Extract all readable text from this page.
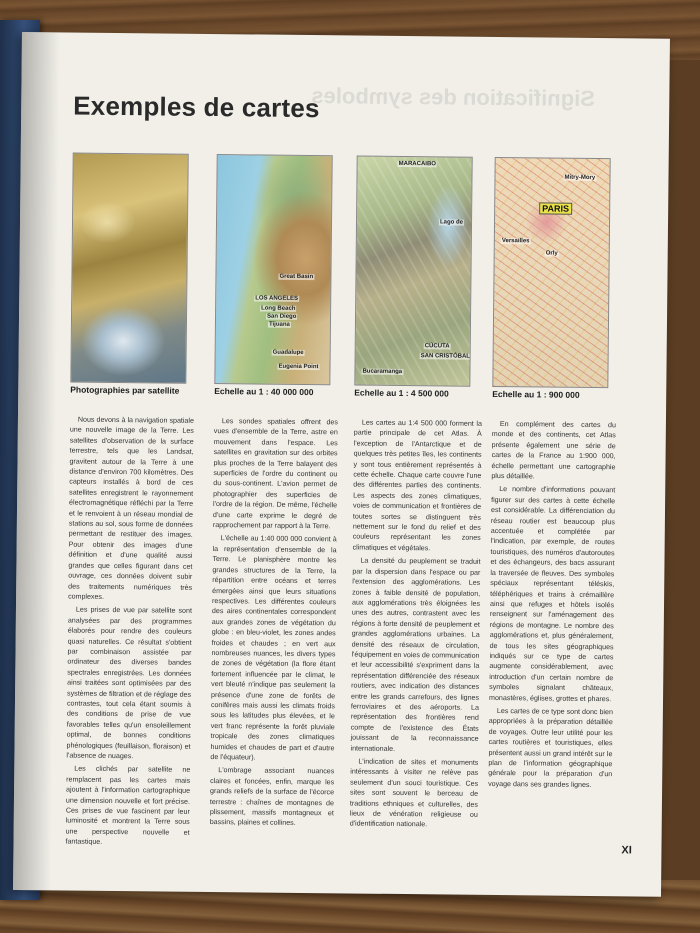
Signification des symboles
Exemples de cartes
Great Basin
LOS ANGELES
Long Beach
San Diego
Tijuana
Guadalupe
Eugenia Point
MARACAIBO
Lago de
CÚCUTA
SAN CRISTÓBAL
Bucaramanga
PARIS
Mitry-Mory
Versailles
Orly
Photographies par satellite	Echelle au 1 : 40 000 000	Echelle au 1 : 4 500 000	Echelle au 1 : 900 000

Nous devons à la navigation spatiale une nouvelle image de la Terre. Les satellites d'observation de la surface terrestre, tels que les Landsat, gravitent autour de la Terre à une distance d'environ 700 kilomètres. Des capteurs installés à bord de ces satellites enregistrent le rayonnement électromagnétique réfléchi par la Terre et le renvoient à un réseau mondial de stations au sol, sous forme de données permettant de restituer des images. Pour obtenir des images d'une définition et d'une qualité aussi grandes que celles figurant dans cet ouvrage, ces données doivent subir des traitements numériques très complexes.

Les prises de vue par satellite sont analysées par des programmes élaborés pour rendre des couleurs quasi naturelles. Ce résultat s'obtient par combinaison assistée par ordinateur des diverses bandes spectrales enregistrées. Les données ainsi traitées sont optimisées par des systèmes de filtration et de réglage des contrastes, tout cela étant soumis à des conditions de prise de vue favorables telles qu'un ensoleillement optimal, de bonnes conditions phénologiques (feuillaison, floraison) et l'absence de nuages.

Les clichés par satellite ne remplacent pas les cartes mais ajoutent à l'information cartographique une dimension nouvelle et fort précise. Ces prises de vue fascinent par leur luminosité et montrent la Terre sous une perspective nouvelle et fantastique.

Les sondes spatiales offrent des vues d'ensemble de la Terre, astre en mouvement dans l'espace. Les satellites en gravitation sur des orbites plus proches de la Terre balayent des superficies de l'ordre du continent ou du sous-continent. L'avion permet de photographier des superficies de l'ordre de la région. De même, l'échelle d'une carte exprime le degré de rapprochement par rapport à la Terre.

L'échelle au 1:40 000 000 convient à la représentation d'ensemble de la Terre. Le planisphère montre les grandes structures de la Terre, la répartition entre océans et terres émergées ainsi que leurs situations respectives. Les différentes couleurs des aires continentales correspondent aux grandes zones de végétation du globe : en bleu-violet, les zones andes froides et chaudes ; en vert aux nombreuses nuances, les divers types de zones de végétation (la flore étant fortement influencée par le climat, le vert bleuté n'indique pas seulement la présence d'une zone de forêts de conifères mais aussi les climats froids sous les latitudes plus élevées, et le vert franc représente la forêt pluviale tropicale des zones climatiques humides et chaudes de part et d'autre de l'équateur).

L'ombrage associant nuances claires et foncées, enfin, marque les grands reliefs de la surface de l'écorce terrestre : chaînes de montagnes de plissement, massifs montagneux et bassins, plaines et collines.

Les cartes au 1:4 500 000 forment la partie principale de cet Atlas. À l'exception de l'Antarctique et de quelques très petites îles, les continents y sont tous entièrement représentés à cette échelle. Chaque carte couvre l'une des différentes parties des continents. Les aspects des zones climatiques, voies de communication et frontières de toutes sortes se distinguent très nettement sur le fond du relief et des couleurs représentant les zones climatiques et végétales.

La densité du peuplement se traduit par la dispersion dans l'espace ou par l'extension des agglomérations. Les zones à faible densité de population, aux agglomérations très éloignées les unes des autres, contrastent avec les régions à forte densité de peuplement et grandes agglomérations urbaines. La densité des réseaux de circulation, l'équipement en voies de communication et leur accessibilité s'expriment dans la représentation différenciée des réseaux routiers, avec indication des distances entre les grands carrefours, des lignes ferroviaires et des aéroports. La représentation des frontières rend compte de l'existence des États jouissant de la reconnaissance internationale.

L'indication de sites et monuments intéressants à visiter ne relève pas seulement d'un souci touristique. Ces sites sont souvent le berceau de traditions ethniques et culturelles, des lieux de vénération religieuse ou d'identification nationale.

En complément des cartes du monde et des continents, cet Atlas présente également une série de cartes de la France au 1:900 000, échelle permettant une cartographie plus détaillée.

Le nombre d'informations pouvant figurer sur des cartes à cette échelle est considérable. La différenciation du réseau routier est beaucoup plus accentuée et complétée par l'indication, par exemple, de routes touristiques, des numéros d'autoroutes et des échangeurs, des bacs assurant la traversée de fleuves. Des symboles spéciaux représentant téléskis, téléphériques et trains à crémaillère ainsi que refuges et hôtels isolés renseignent sur l'aménagement des régions de montagne. Le nombre des agglomérations et, plus généralement, de tous les sites géographiques indiqués sur ce type de cartes augmente considérablement, avec introduction d'un certain nombre de symboles signalant châteaux, monastères, églises, grottes et phares.

Les cartes de ce type sont donc bien appropriées à la préparation détaillée de voyages. Outre leur utilité pour les cartes routières et touristiques, elles présentent aussi un grand intérêt sur le plan de l'information géographique générale pour la préparation d'un voyage dans ses grandes lignes.

XI
